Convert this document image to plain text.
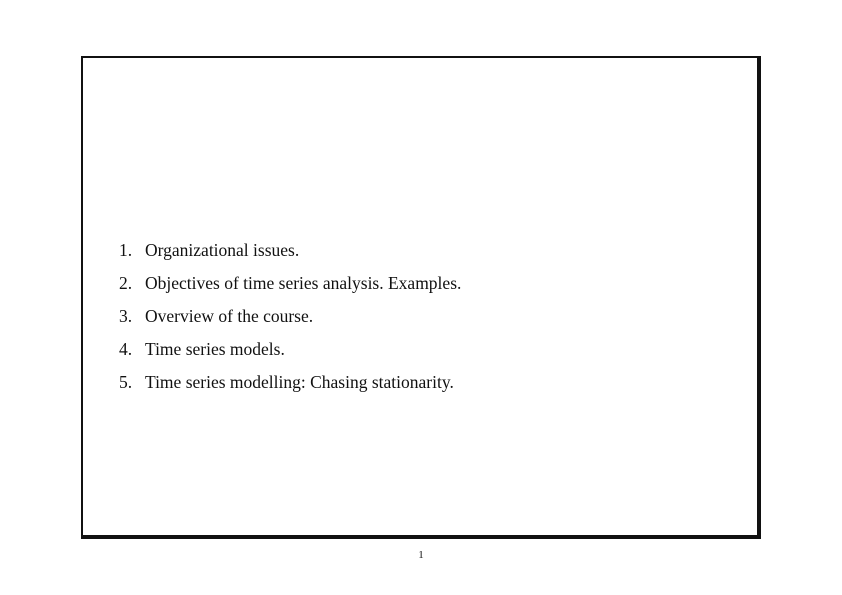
1. Organizational issues.
2. Objectives of time series analysis. Examples.
3. Overview of the course.
4. Time series models.
5. Time series modelling: Chasing stationarity.
1
